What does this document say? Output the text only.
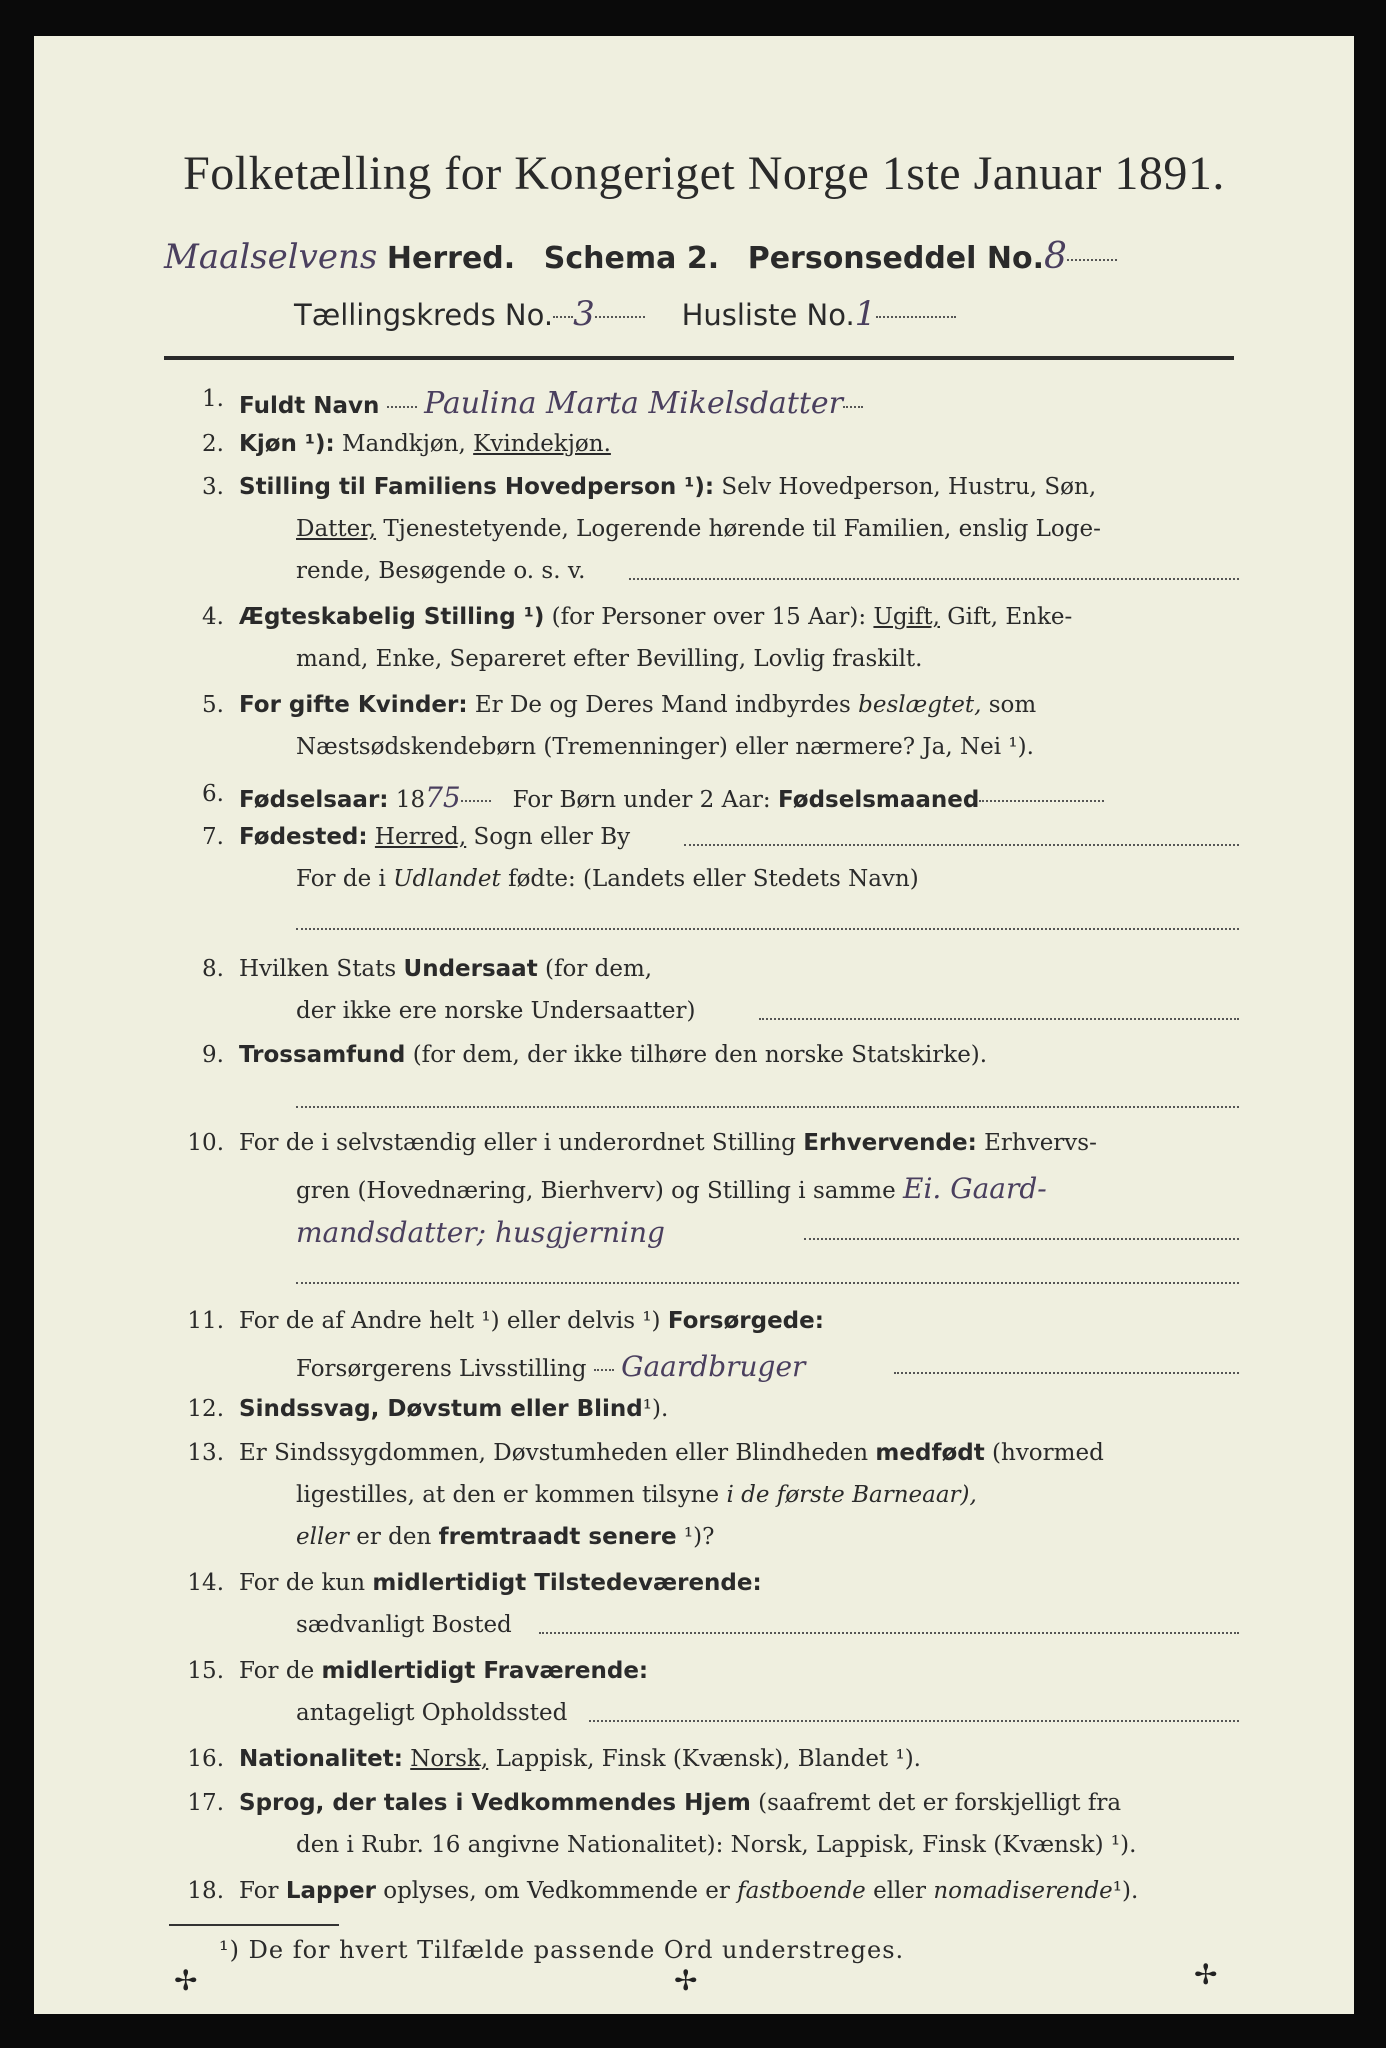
Folketælling for Kongeriget Norge 1ste Januar 1891.
Maalselvens Herred. Schema 2. Personseddel No.8
Tællingskreds No. 3	Husliste No.1
1. Fuldt Navn Paulina Marta Mikelsdatter
2. Kjøn ¹): Mandkjøn, Kvindekjøn.
3. Stilling til Familiens Hovedperson ¹): Selv Hovedperson, Hustru, Søn,
Datter, Tjenestetyende, Logerende hørende til Familien, enslig Loge-
rende, Besøgende o. s. v.
4. Ægteskabelig Stilling ¹) (for Personer over 15 Aar): Ugift, Gift, Enke-
mand, Enke, Separeret efter Bevilling, Lovlig fraskilt.
5. For gifte Kvinder: Er De og Deres Mand indbyrdes beslægtet, som
Næstsødskendebørn (Tremenninger) eller nærmere? Ja, Nei ¹).
6. Fødselsaar: 1875 For Børn under 2 Aar: Fødselsmaaned
7. Fødested: Herred, Sogn eller By
For de i Udlandet fødte: (Landets eller Stedets Navn)
8. Hvilken Stats Undersaat (for dem,
der ikke ere norske Undersaatter)
9. Trossamfund (for dem, der ikke tilhøre den norske Statskirke).
10. For de i selvstændig eller i underordnet Stilling Erhvervende: Erhvervs-
gren (Hovednæring, Bierhverv) og Stilling i samme Ei. Gaard-
mandsdatter; husgjerning
11. For de af Andre helt ¹) eller delvis ¹) Forsørgede:
Forsørgerens Livsstilling Gaardbruger
12. Sindssvag, Døvstum eller Blind¹).
13. Er Sindssygdommen, Døvstumheden eller Blindheden medfødt (hvormed
ligestilles, at den er kommen tilsyne i de første Barneaar),
eller er den fremtraadt senere ¹)?
14. For de kun midlertidigt Tilstedeværende:
sædvanligt Bosted
15. For de midlertidigt Fraværende:
antageligt Opholdssted
16. Nationalitet: Norsk, Lappisk, Finsk (Kvænsk), Blandet ¹).
17. Sprog, der tales i Vedkommendes Hjem (saafremt det er forskjelligt fra
den i Rubr. 16 angivne Nationalitet): Norsk, Lappisk, Finsk (Kvænsk) ¹).
18. For Lapper oplyses, om Vedkommende er fastboende eller nomadiserende¹).
¹) De for hvert Tilfælde passende Ord understreges.
✢	✢	✢
